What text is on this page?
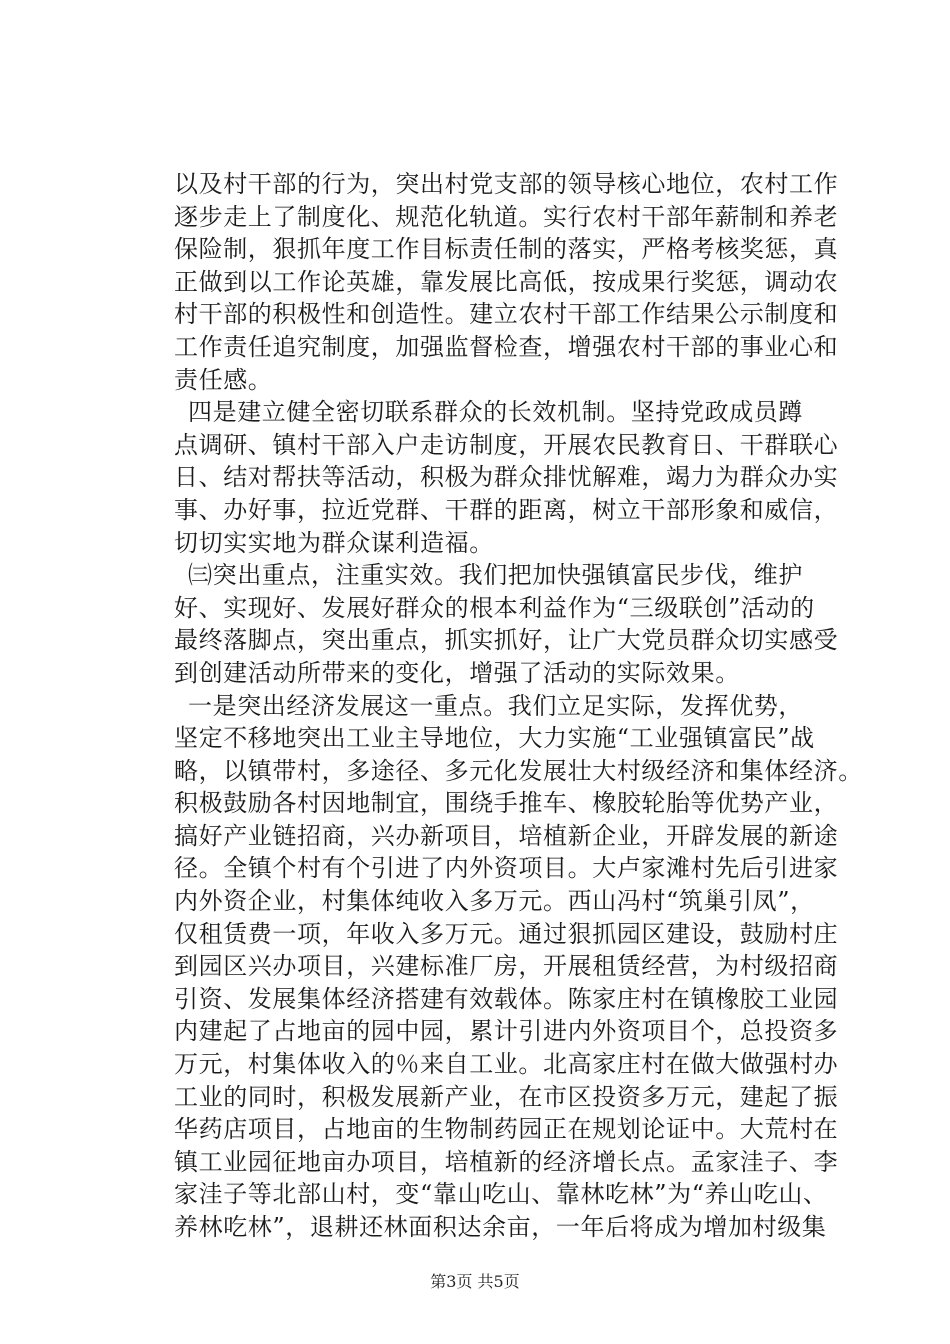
以及村干部的行为，突出村党支部的领导核心地位，农村工作
逐步走上了制度化、规范化轨道。实行农村干部年薪制和养老
保险制，狠抓年度工作目标责任制的落实，严格考核奖惩，真
正做到以工作论英雄，靠发展比高低，按成果行奖惩，调动农
村干部的积极性和创造性。建立农村干部工作结果公示制度和
工作责任追究制度，加强监督检查，增强农村干部的事业心和
责任感。
四是建立健全密切联系群众的长效机制。坚持党政成员蹲
点调研、镇村干部入户走访制度，开展农民教育日、干群联心
日、结对帮扶等活动，积极为群众排忧解难，竭力为群众办实
事、办好事，拉近党群、干群的距离，树立干部形象和威信，
切切实实地为群众谋利造福。
㈢突出重点，注重实效。我们把加快强镇富民步伐，维护
好、实现好、发展好群众的根本利益作为“三级联创”活动的
最终落脚点，突出重点，抓实抓好，让广大党员群众切实感受
到创建活动所带来的变化，增强了活动的实际效果。
一是突出经济发展这一重点。我们立足实际，发挥优势，
坚定不移地突出工业主导地位，大力实施“工业强镇富民”战
略，以镇带村，多途径、多元化发展壮大村级经济和集体经济。
积极鼓励各村因地制宜，围绕手推车、橡胶轮胎等优势产业，
搞好产业链招商，兴办新项目，培植新企业，开辟发展的新途
径。全镇个村有个引进了内外资项目。大卢家滩村先后引进家
内外资企业，村集体纯收入多万元。西山冯村“筑巢引凤”，
仅租赁费一项，年收入多万元。通过狠抓园区建设，鼓励村庄
到园区兴办项目，兴建标准厂房，开展租赁经营，为村级招商
引资、发展集体经济搭建有效载体。陈家庄村在镇橡胶工业园
内建起了占地亩的园中园，累计引进内外资项目个，总投资多
万元，村集体收入的％来自工业。北高家庄村在做大做强村办
工业的同时，积极发展新产业，在市区投资多万元，建起了振
华药店项目，占地亩的生物制药园正在规划论证中。大荒村在
镇工业园征地亩办项目，培植新的经济增长点。孟家洼子、李
家洼子等北部山村，变“靠山吃山、靠林吃林”为“养山吃山、
养林吃林”，退耕还林面积达余亩，一年后将成为增加村级集
第3页 共5页
